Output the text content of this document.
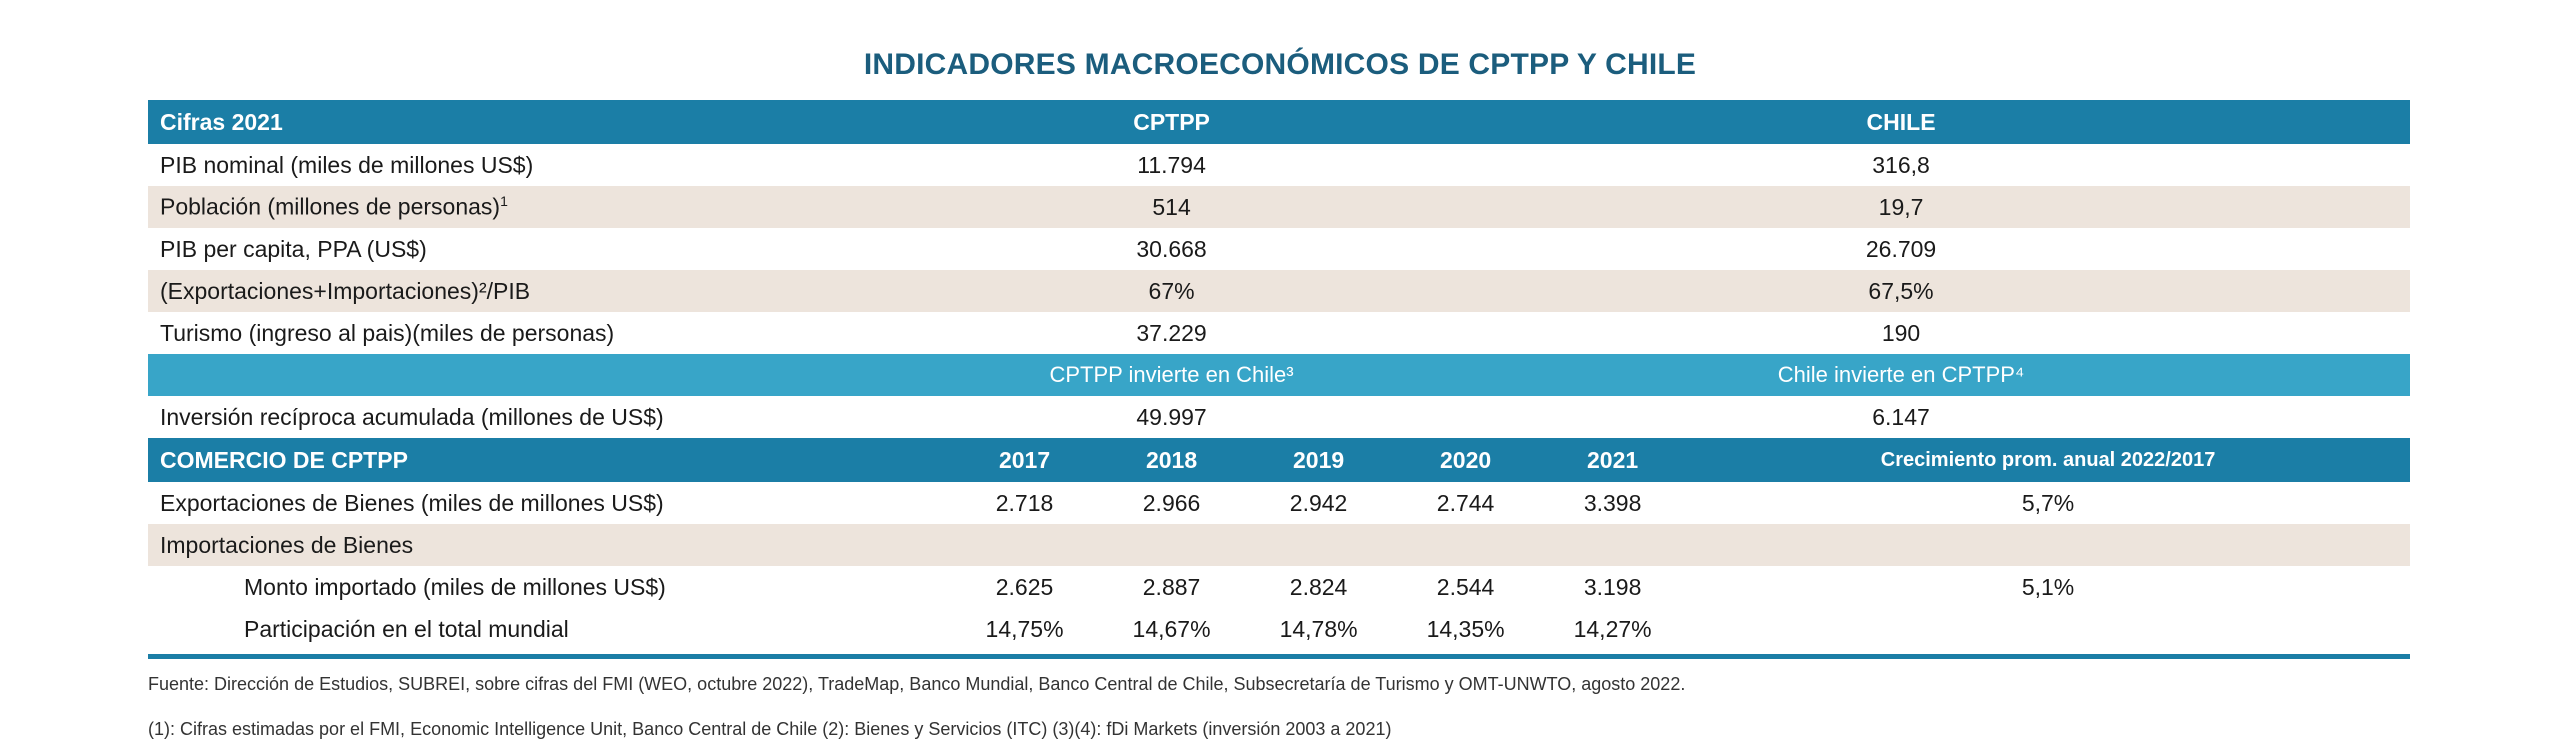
INDICADORES MACROECONÓMICOS DE CPTPP Y CHILE
Cifras 2021	CPTPP			CHILE		
PIB nominal (miles de millones US$)	11.794			316,8		
Población (millones de personas)$^1$	514			19,7		
PIB per capita, PPA (US$)	30.668			26.709		
(Exportaciones+Importaciones)²/PIB	67%			67,5%		
Turismo (ingreso al pais)(miles de personas)	37.229			190		
	CPTPP invierte en Chile³			Chile invierte en CPTPP⁴		
Inversión recíproca acumulada (millones de US$)	49.997			6.147		
COMERCIO DE CPTPP	2017	2018	2019	2020	2021	Crecimiento prom. anual 2022/2017
Exportaciones de Bienes (miles de millones US$)	2.718	2.966	2.942	2.744	3.398	5,7%
Importaciones de Bienes						
Monto importado (miles de millones US$)	2.625	2.887	2.824	2.544	3.198	5,1%
Participación en el total mundial	14,75%	14,67%	14,78%	14,35%	14,27%	
Fuente: Dirección de Estudios, SUBREI, sobre cifras del FMI (WEO, octubre 2022), TradeMap, Banco Mundial, Banco Central de Chile, Subsecretaría de Turismo y OMT-UNWTO, agosto 2022.
(1): Cifras estimadas por el FMI, Economic Intelligence Unit, Banco Central de Chile (2): Bienes y Servicios (ITC) (3)(4): fDi Markets (inversión 2003 a 2021)
